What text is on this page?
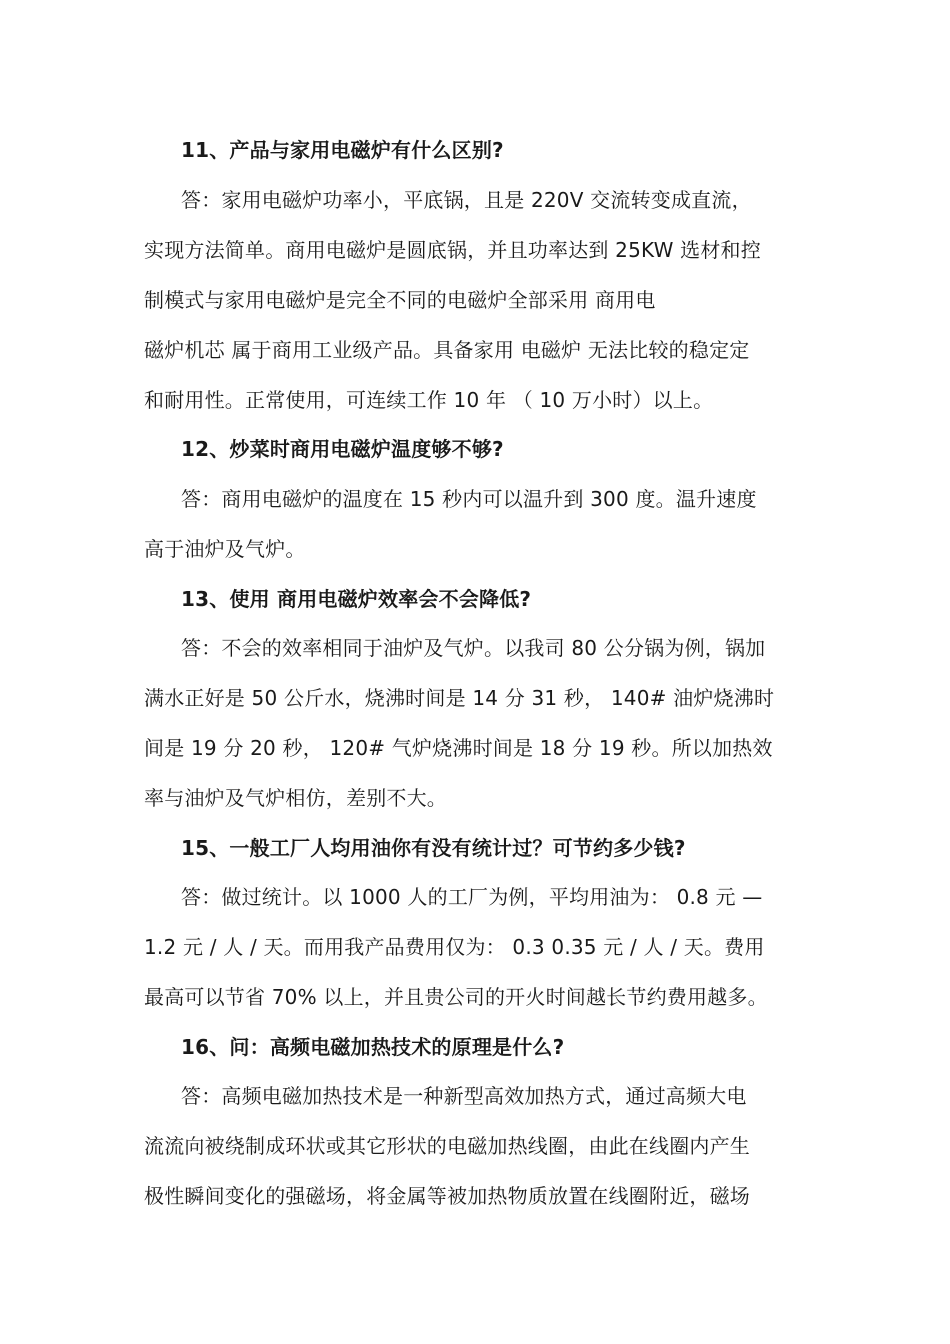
11、产品与家用电磁炉有什么区别?
答：家用电磁炉功率小，平底锅，且是 220V 交流转变成直流，
实现方法简单。商用电磁炉是圆底锅，并且功率达到 25KW 选材和控
制模式与家用电磁炉是完全不同的电磁炉全部采用 商用电
磁炉机芯 属于商用工业级产品。具备家用 电磁炉 无法比较的稳定定
和耐用性。正常使用，可连续工作 10 年 （ 10 万小时）以上。
12、炒菜时商用电磁炉温度够不够?
答：商用电磁炉的温度在 15 秒内可以温升到 300 度。温升速度
高于油炉及气炉。
13、使用 商用电磁炉效率会不会降低?
答：不会的效率相同于油炉及气炉。以我司 80 公分锅为例，锅加
满水正好是 50 公斤水，烧沸时间是 14 分 31 秒， 140# 油炉烧沸时
间是 19 分 20 秒， 120# 气炉烧沸时间是 18 分 19 秒。所以加热效
率与油炉及气炉相仿，差别不大。
15、一般工厂人均用油你有没有统计过？可节约多少钱?
答：做过统计。以 1000 人的工厂为例，平均用油为： 0.8 元 —
1.2 元 / 人 / 天。而用我产品费用仅为： 0.3 0.35 元 / 人 / 天。费用
最高可以节省 70% 以上，并且贵公司的开火时间越长节约费用越多。
16、问：高频电磁加热技术的原理是什么?
答：高频电磁加热技术是一种新型高效加热方式，通过高频大电
流流向被绕制成环状或其它形状的电磁加热线圈，由此在线圈内产生
极性瞬间变化的强磁场，将金属等被加热物质放置在线圈附近，磁场
